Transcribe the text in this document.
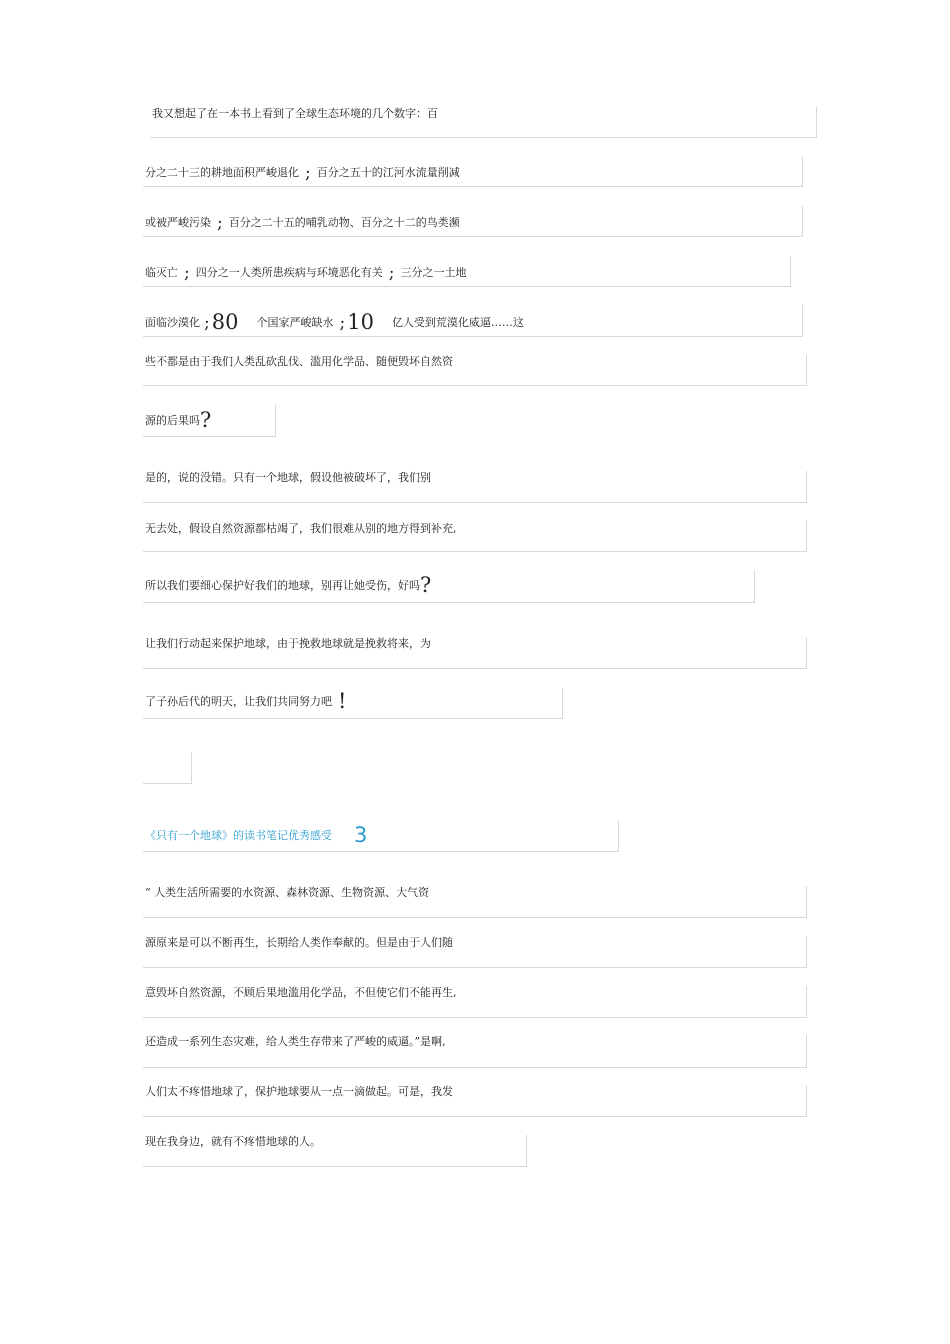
我又想起了在一本书上看到了全球生态环境的几个数字：百
分之二十三的耕地面积严峻退化 ; 百分之五十的江河水流量削减
或被严峻污染 ; 百分之二十五的哺乳动物、百分之十二的鸟类濒
临灭亡 ; 四分之一人类所患疾病与环境恶化有关 ; 三分之一土地
面临沙漠化 ;80 个国家严峻缺水 ;10 亿人受到荒漠化威逼……这
些不都是由于我们人类乱砍乱伐、滥用化学品、随便毁坏自然资
源的后果吗?
是的，说的没错。只有一个地球，假设他被破坏了，我们别
无去处，假设自然资源都枯竭了，我们很难从别的地方得到补充,
所以我们要细心保护好我们的地球，别再让她受伤，好吗?
让我们行动起来保护地球，由于挽救地球就是挽救将来，为
了子孙后代的明天，让我们共同努力吧 !
《只有一个地球》的读书笔记优秀感受 3
“ 人类生活所需要的水资源、森林资源、生物资源、大气资
源原来是可以不断再生，长期给人类作奉献的。但是由于人们随
意毁坏自然资源，不顾后果地滥用化学品，不但使它们不能再生,
还造成一系列生态灾难，给人类生存带来了严峻的威逼。”是啊,
人们太不疼惜地球了，保护地球要从一点一滴做起。可是，我发
现在我身边，就有不疼惜地球的人。
